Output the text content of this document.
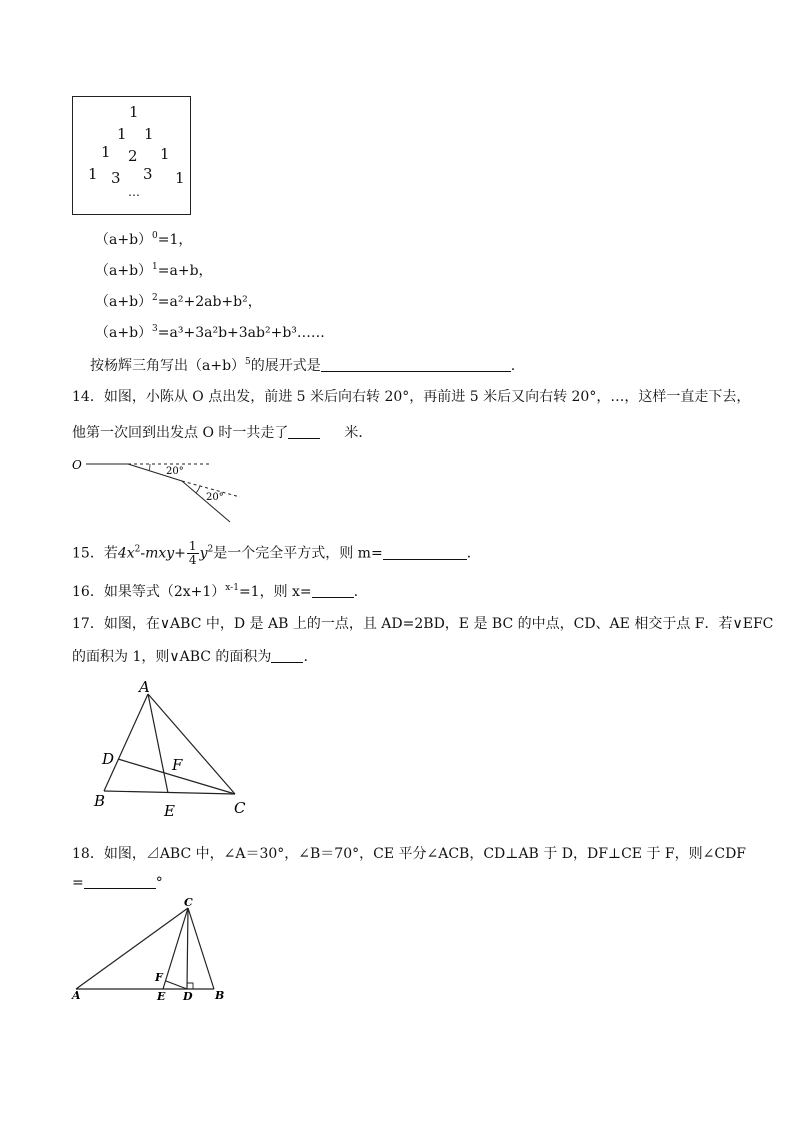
1
1 1
1 2 1
1 3 3 1
…
$(a+b)^0=1$，
$(a+b)^1=a+b$，
$(a+b)^2=a^2+2ab+b^2$，
$(a+b)^3=a^3+3a^2b+3ab^2+b^3\dots\dots$
按杨辉三角写出$(a+b)^5$的展开式是	.
14．如图，小陈从 O 点出发，前进 5 米后向右转 20°，再前进 5 米后又向右转 20°，…，这样一直走下去，
他第一次回到出发点 O 时一共走了	米．
O	20°
20°
15．若$4x^2-mxy+ \frac{1}{4} y^2$是一个完全平方式，则 m=	．
16．如果等式$(2x+1)^{x-1}=1$，则 x=	.
17．如图，在∨ABC 中，D 是 AB 上的一点，且 AD=2BD，E 是 BC 的中点，CD、AE 相交于点 F．若∨EFC
的面积为 1，则∨ABC 的面积为 .
A
B	C
D
E
F
18．如图，⊿ABC 中，∠A＝30°，∠B＝70°，CE 平分∠ACB，CD⊥AB 于 D，DF⊥CE 于 F，则∠CDF
=	°
A	B
C
D
E
F
